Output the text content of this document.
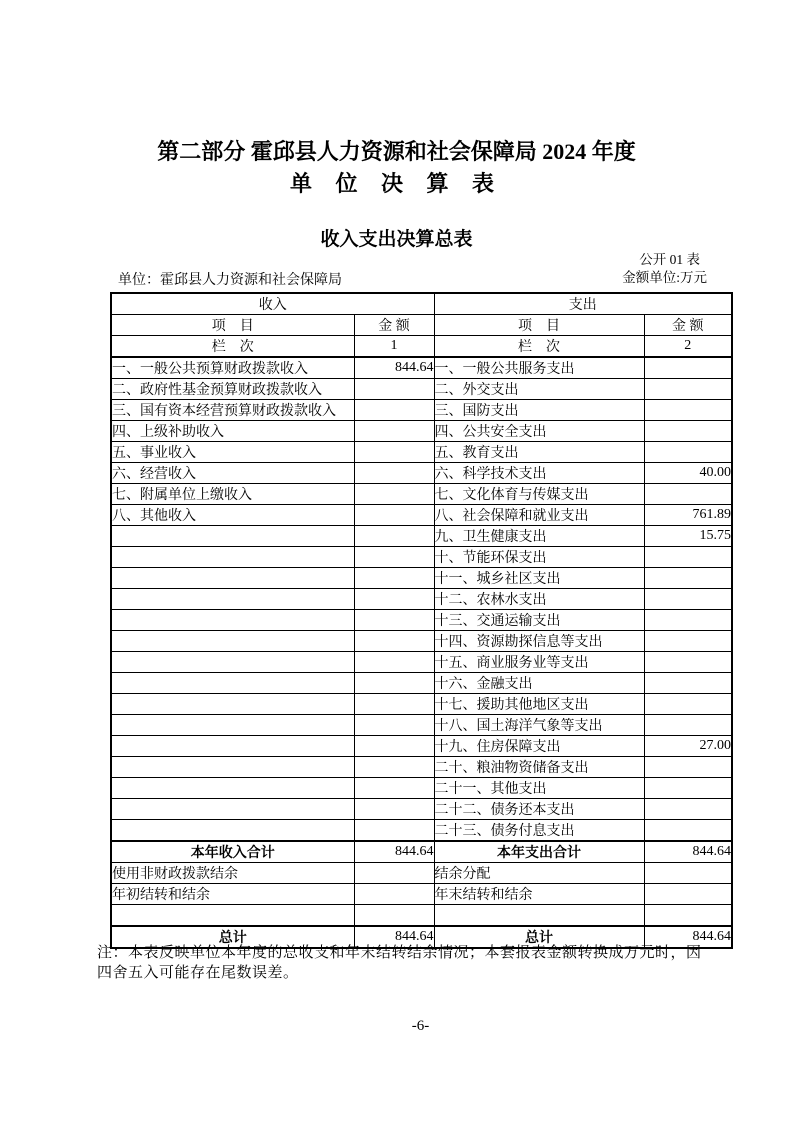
第二部分 霍邱县人力资源和社会保障局 2024 年度
单 位 决 算 表
收入支出决算总表
公开 01 表
金额单位:万元
单位：霍邱县人力资源和社会保障局
收入		支出	
项　目	金 额	项　目	金 额
栏　次	1	栏　次	2
一、一般公共预算财政拨款收入	844.64	一、一般公共服务支出	
二、政府性基金预算财政拨款收入		二、外交支出	
三、国有资本经营预算财政拨款收入		三、国防支出	
四、上级补助收入		四、公共安全支出	
五、事业收入		五、教育支出	
六、经营收入		六、科学技术支出	40.00
七、附属单位上缴收入		七、文化体育与传媒支出	
八、其他收入		八、社会保障和就业支出	761.89
		九、卫生健康支出	15.75
		十、节能环保支出	
		十一、城乡社区支出	
		十二、农林水支出	
		十三、交通运输支出	
		十四、资源勘探信息等支出	
		十五、商业服务业等支出	
		十六、金融支出	
		十七、援助其他地区支出	
		十八、国土海洋气象等支出	
		十九、住房保障支出	27.00
		二十、粮油物资储备支出	
		二十一、其他支出	
		二十二、债务还本支出	
		二十三、债务付息支出	
本年收入合计	844.64	本年支出合计	844.64
使用非财政拨款结余		结余分配	
年初结转和结余		年末结转和结余	

总计	844.64	总计	844.64
注：本表反映单位本年度的总收支和年末结转结余情况；本套报表金额转换成万元时，因
四舍五入可能存在尾数误差。
-6-
